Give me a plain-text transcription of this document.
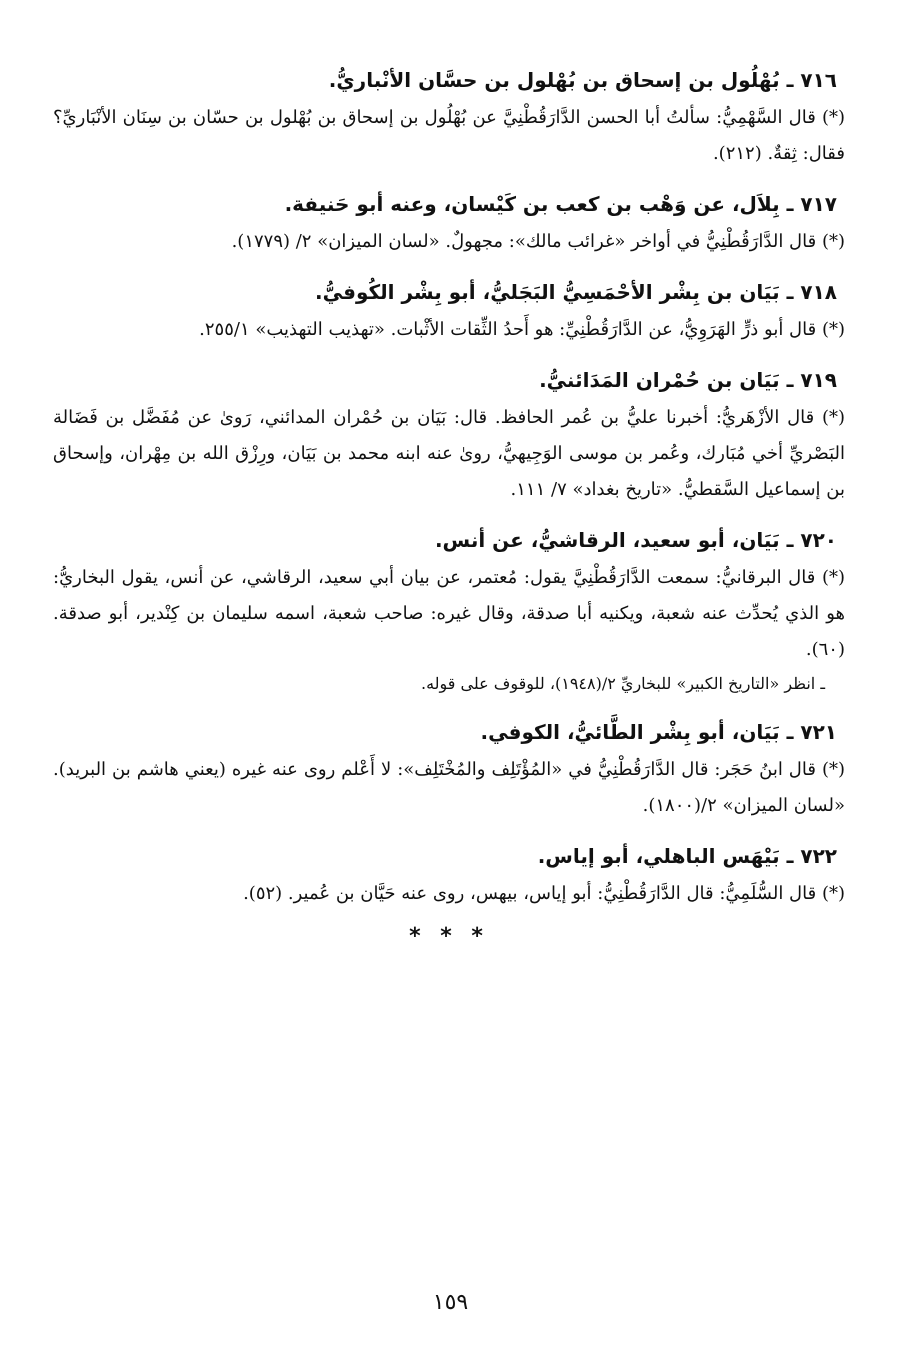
٧١٦ ـ بُهْلُول بن إسحاق بن بُهْلول بن حسَّان الأنْباريُّ.

(*) قال السَّهْمِيُّ: سألتُ أبا الحسن الدَّارَقُطْنِيَّ عن بُهْلُول بن إسحاق بن بُهْلول بن حسّان بن سِنَان الأنْبَاريِّ؟ فقال: ثِقةٌ. (٢١٢).

٧١٧ ـ بِلاَل، عن وَهْب بن كعب بن كَيْسان، وعنه أبو حَنيفة.

(*) قال الدَّارَقُطْنِيُّ في أواخر «غرائب مالك»: مجهولٌ. «لسان الميزان» ٢/ (١٧٧٩).

٧١٨ ـ بَيَان بن بِشْر الأحْمَسِيُّ البَجَليُّ، أبو بِشْر الكُوفيُّ.

(*) قال أبو ذرٍّ الهَرَوِيُّ، عن الدَّارَقُطْنِيِّ: هو أَحدُ الثِّقات الأثْبات. «تهذيب التهذيب» ٢٥٥/١.

٧١٩ ـ بَيَان بن حُمْران المَدَائنيُّ.

(*) قال الأزْهَريُّ: أخبرنا عليُّ بن عُمر الحافظ. قال: بَيَان بن حُمْران المدائني، رَوىٰ عن مُفَضَّل بن فَضَالة البَصْريِّ أخي مُبَارك، وعُمر بن موسى الوَجِيهيُّ، روىٰ عنه ابنه محمد بن بَيَان، ورِزْق الله بن مِهْران، وإسحاق بن إسماعيل السَّقطيُّ. «تاريخ بغداد» ٧/ ١١١.

٧٢٠ ـ بَيَان، أبو سعيد، الرقاشيُّ، عن أنس.

(*) قال البرقانيُّ: سمعت الدَّارَقُطْنِيَّ يقول: مُعتمر، عن بيان أبي سعيد، الرقاشي، عن أنس، يقول البخاريُّ: هو الذي يُحدِّث عنه شعبة، ويكنيه أبا صدقة، وقال غيره: صاحب شعبة، اسمه سليمان بن كِنْدير، أبو صدقة. (٦٠).

ـ انظر «التاريخ الكبير» للبخاريِّ ٢/(١٩٤٨)، للوقوف على قوله.

٧٢١ ـ بَيَان، أبو بِشْر الطَّائيُّ، الكوفي.

(*) قال ابنُ حَجَر: قال الدَّارَقُطْنِيُّ في «المُؤْتَلِف والمُخْتَلِف»: لا أَعْلم روى عنه غيره (يعني هاشم بن البريد). «لسان الميزان» ٢/(١٨٠٠).

٧٢٢ ـ بَيْهَس الباهلي، أبو إياس.

(*) قال السُّلَمِيُّ: قال الدَّارَقُطْنِيُّ: أبو إياس، بيهس، روى عنه حَيَّان بن عُمير. (٥٢).

* * *
١٥٩
